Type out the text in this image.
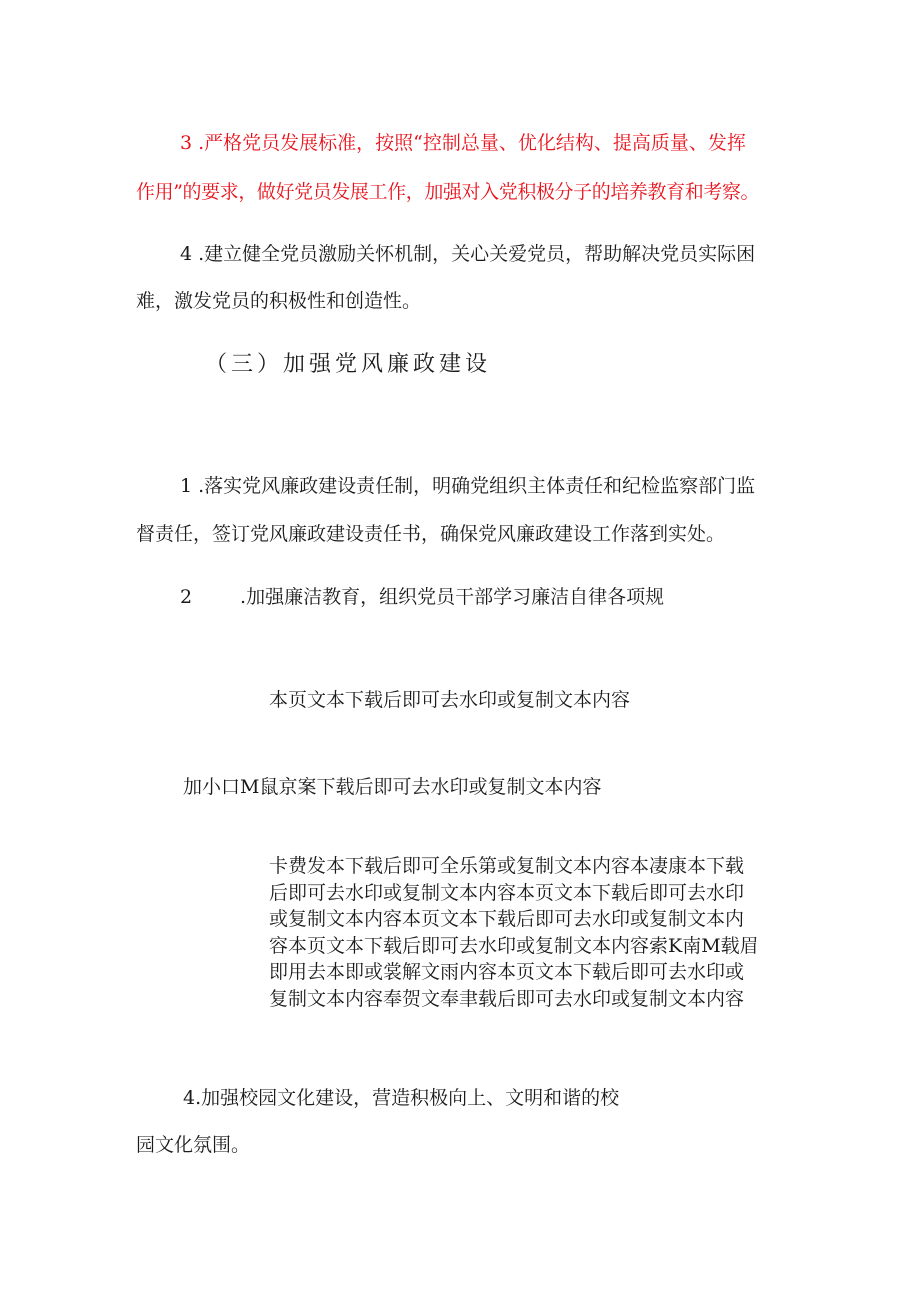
3 .严格党员发展标准，按照“控制总量、优化结构、提高质量、发挥

作用”的要求，做好党员发展工作，加强对入党积极分子的培养教育和考察。

4 .建立健全党员激励关怀机制，关心关爱党员，帮助解决党员实际困

难，激发党员的积极性和创造性。

（三）加强党风廉政建设

1 .落实党风廉政建设责任制，明确党组织主体责任和纪检监察部门监

督责任，签订党风廉政建设责任书，确保党风廉政建设工作落到实处。

2	.加强廉洁教育，组织党员干部学习廉洁自律各项规

本页文本下载后即可去水印或复制文本内容

加小口M鼠京案下载后即可去水印或复制文本内容

卡费发本下载后即可全乐第或复制文本内容本凄康本下载
后即可去水印或复制文本内容本页文本下载后即可去水印
或复制文本内容本页文本下载后即可去水印或复制文本内
容本页文本下载后即可去水印或复制文本内容索K南M载眉
即用去本即或裳解文雨内容本页文本下载后即可去水印或
复制文本内容奉贺文奉聿载后即可去水印或复制文本内容

4.加强校园文化建设，营造积极向上、文明和谐的校

园文化氛围。
